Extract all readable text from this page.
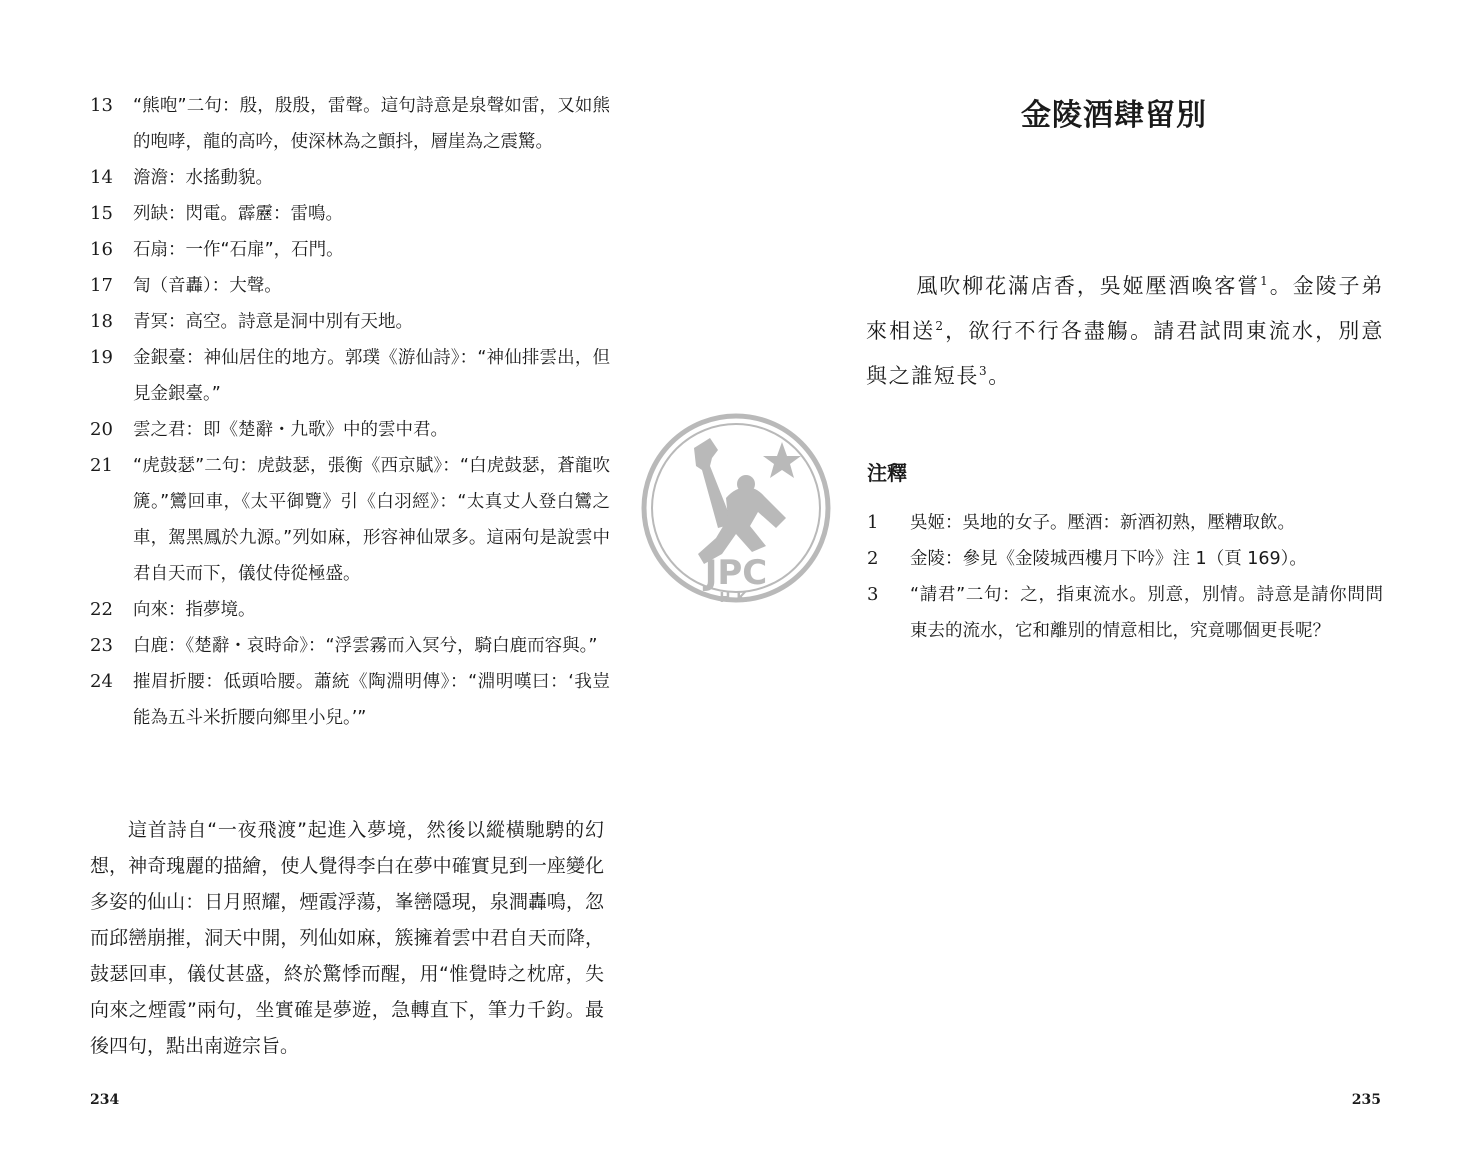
13	“熊咆”二句：殷，殷殷，雷聲。這句詩意是泉聲如雷，又如熊的咆哮，龍的高吟，使深林為之顫抖，層崖為之震驚。
14	澹澹：水搖動貌。
15	列缺：閃電。霹靂：雷鳴。
16	石扇：一作“石扉”，石門。
17	訇（音轟）：大聲。
18	青冥：高空。詩意是洞中別有天地。
19	金銀臺：神仙居住的地方。郭璞《游仙詩》：“神仙排雲出，但見金銀臺。”
20	雲之君：即《楚辭・九歌》中的雲中君。
21	“虎鼓瑟”二句：虎鼓瑟，張衡《西京賦》：“白虎鼓瑟，蒼龍吹篪。”鸞回車，《太平御覽》引《白羽經》：“太真丈人登白鸞之車，駕黑鳳於九源。”列如麻，形容神仙眾多。這兩句是說雲中君自天而下，儀仗侍從極盛。
22	向來：指夢境。
23	白鹿：《楚辭・哀時命》：“浮雲霧而入冥兮，騎白鹿而容與。”
24	摧眉折腰：低頭哈腰。蕭統《陶淵明傳》：“淵明嘆曰：‘我豈能為五斗米折腰向鄉里小兒。’”

這首詩自“一夜飛渡”起進入夢境，然後以縱橫馳騁的幻想，神奇瑰麗的描繪，使人覺得李白在夢中確實見到一座變化多姿的仙山：日月照耀，煙霞浮蕩，峯巒隱現，泉澗轟鳴，忽而邱巒崩摧，洞天中開，列仙如麻，簇擁着雲中君自天而降，鼓瑟回車，儀仗甚盛，終於驚悸而醒，用“惟覺時之枕席，失向來之煙霞”兩句，坐實確是夢遊，急轉直下，筆力千鈞。最後四句，點出南遊宗旨。

234
金陵酒肆留別

風吹柳花滿店香，吳姬壓酒喚客嘗$^1$。金陵子弟來相送$^2$，欲行不行各盡觴。請君試問東流水，別意與之誰短長$^3$。

注釋
1	吳姬：吳地的女子。壓酒：新酒初熟，壓糟取飲。
2	金陵：參見《金陵城西樓月下吟》注 1（頁 169）。
3	“請君”二句：之，指東流水。別意，別情。詩意是請你問問東去的流水，它和離別的情意相比，究竟哪個更長呢？
235
JPC
HK
